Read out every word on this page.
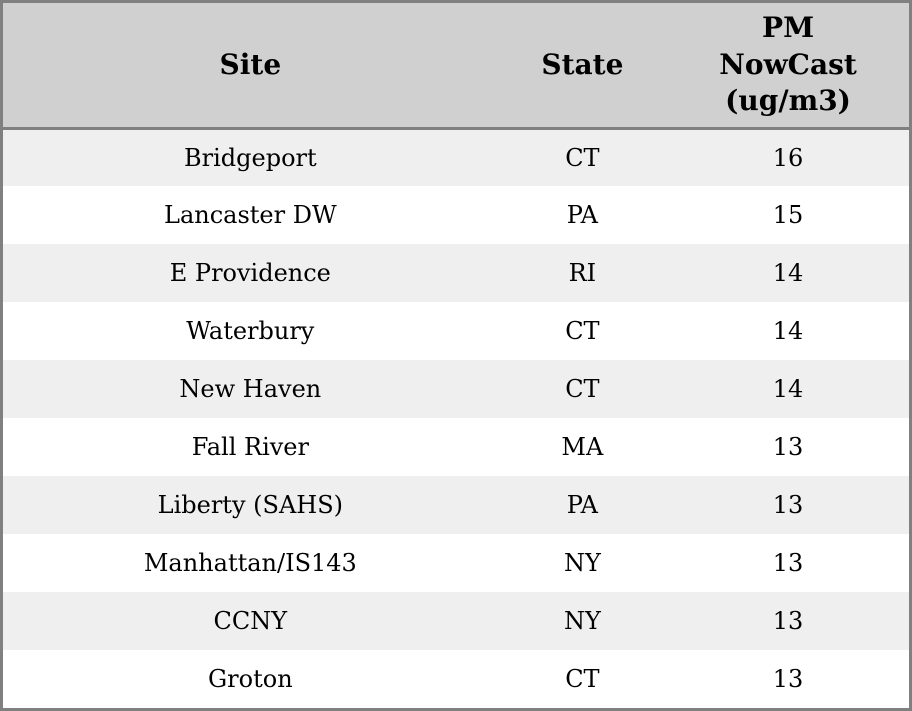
Site	State	PM NowCast (ug/m3)
Bridgeport	CT	16
Lancaster DW	PA	15
E Providence	RI	14
Waterbury	CT	14
New Haven	CT	14
Fall River	MA	13
Liberty (SAHS)	PA	13
Manhattan/IS143	NY	13
CCNY	NY	13
Groton	CT	13
